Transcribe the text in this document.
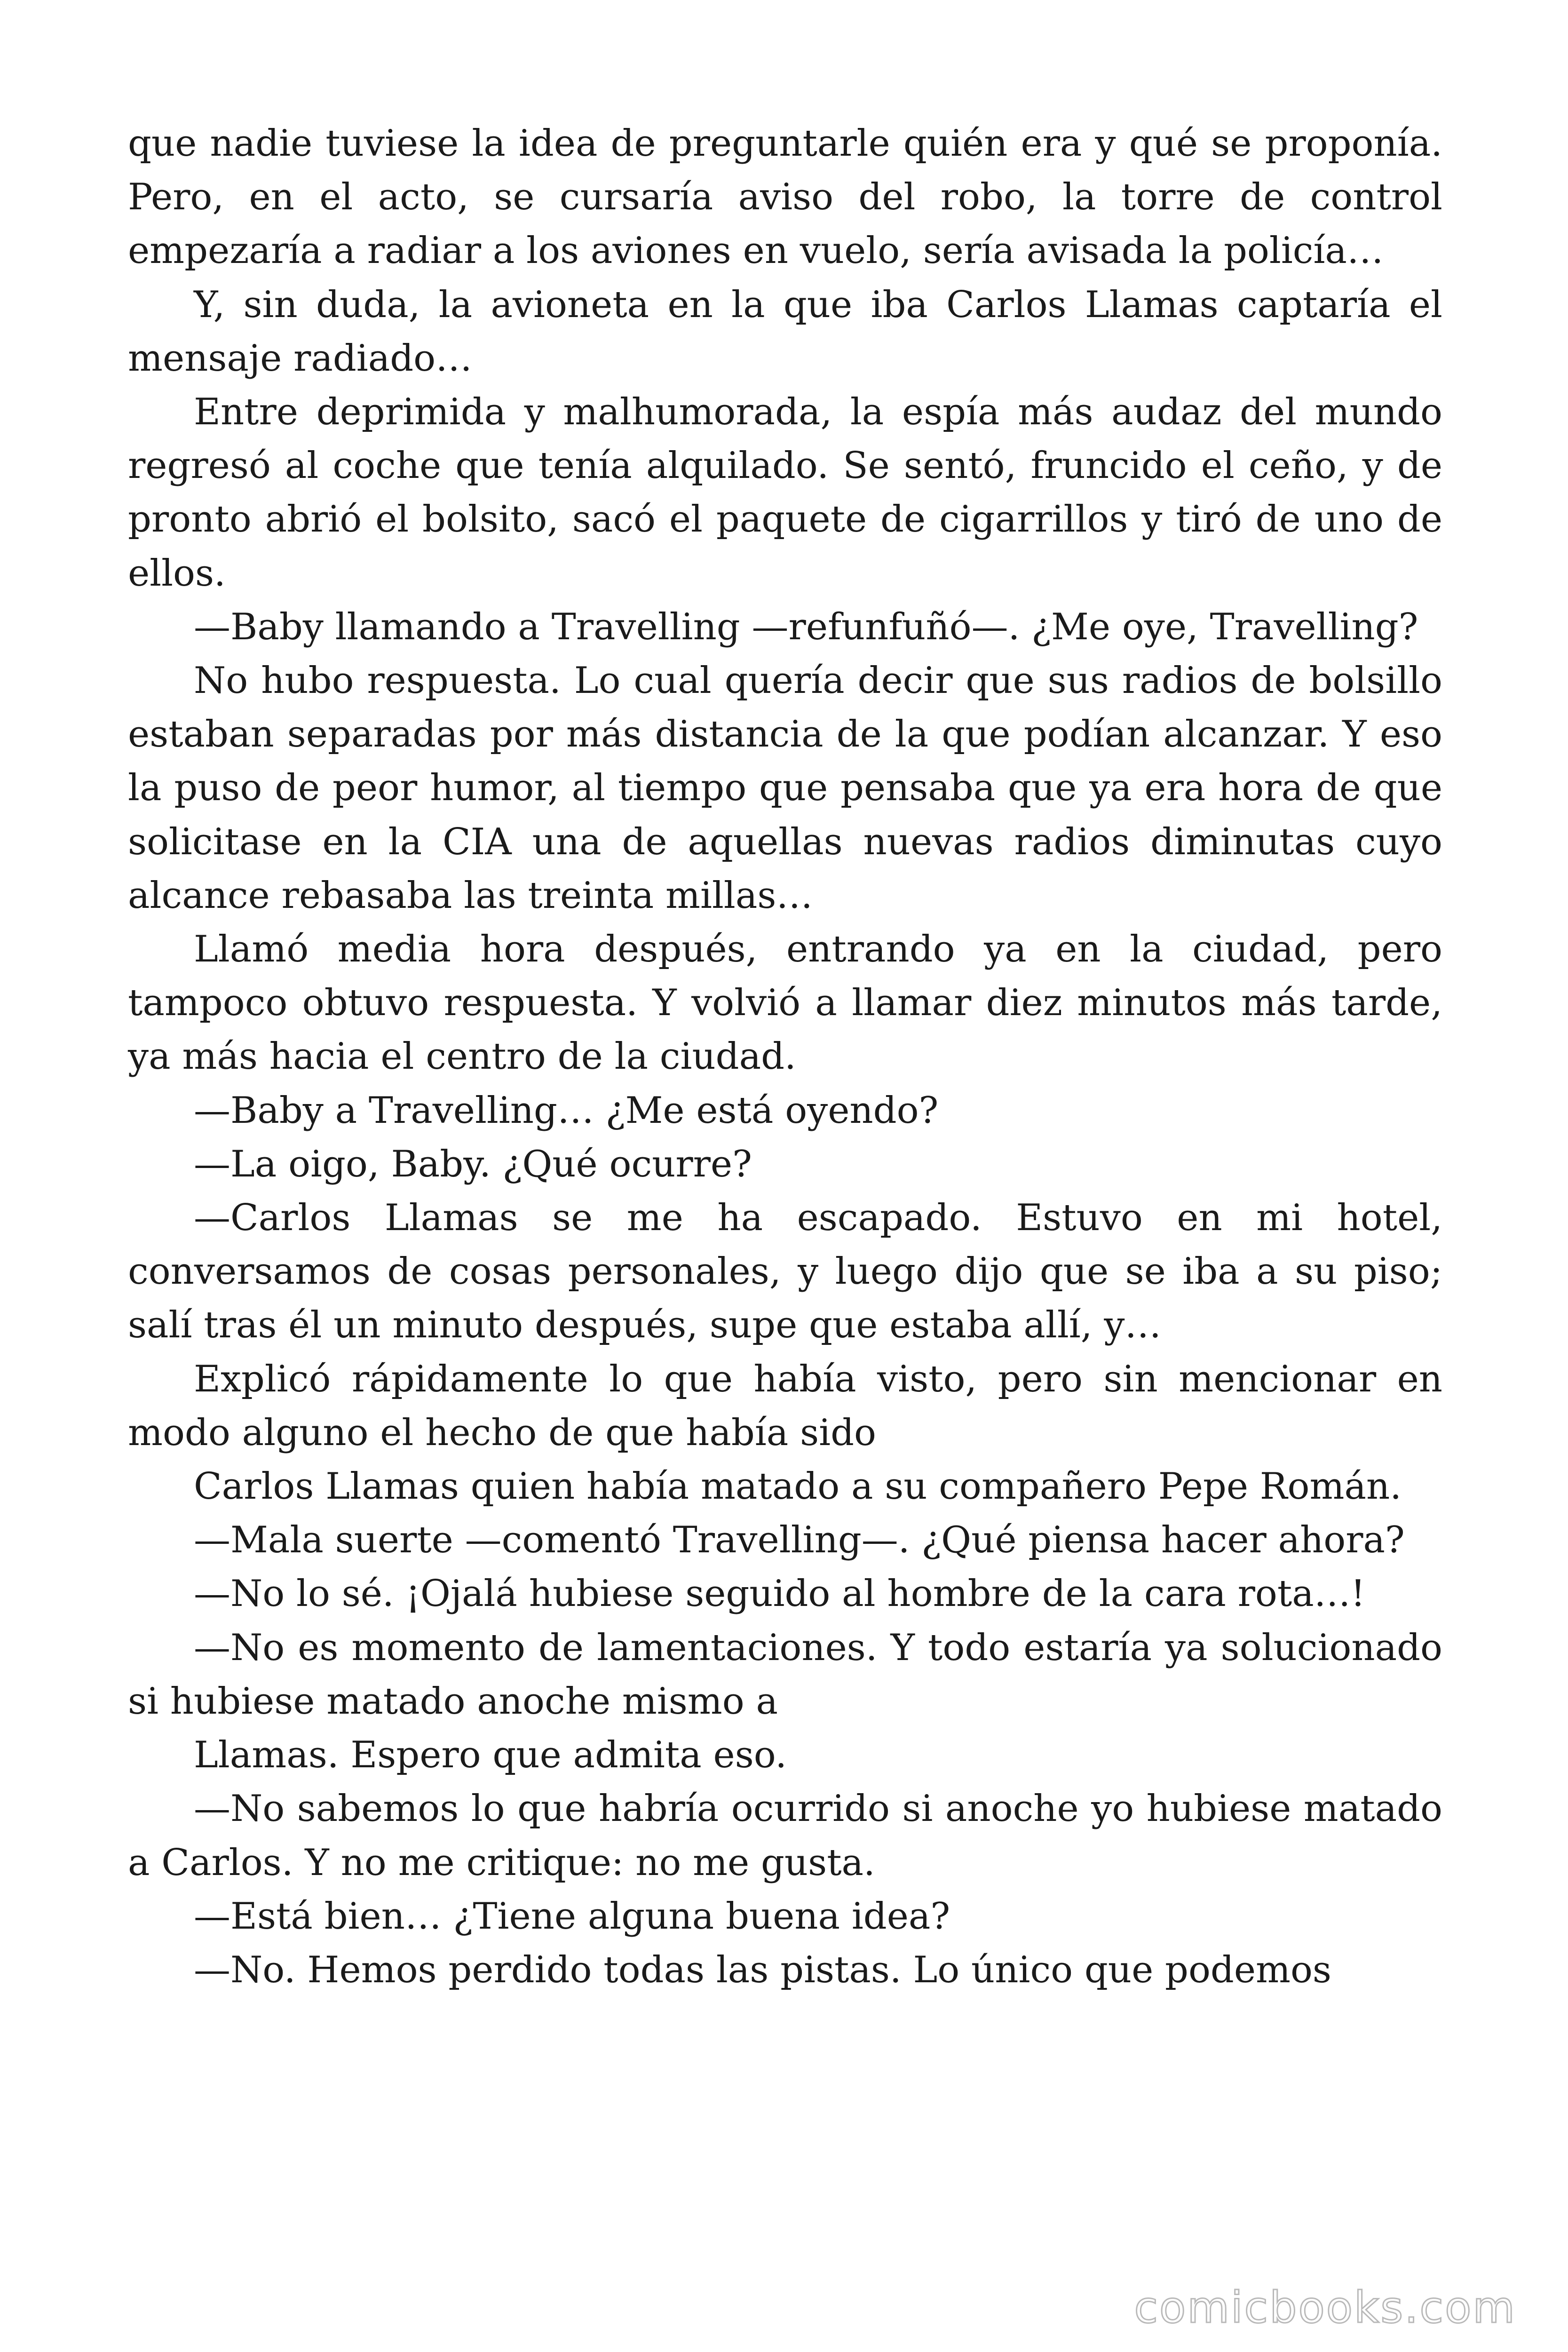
que nadie tuviese la idea de preguntarle quién era y qué se proponía. Pero, en el acto, se cursaría aviso del robo, la torre de control empezaría a radiar a los aviones en vuelo, sería avisada la policía…

Y, sin duda, la avioneta en la que iba Carlos Llamas captaría el mensaje radiado…

Entre deprimida y malhumorada, la espía más audaz del mundo regresó al coche que tenía alquilado. Se sentó, fruncido el ceño, y de pronto abrió el bolsito, sacó el paquete de cigarrillos y tiró de uno de ellos.

—Baby llamando a Travelling —refunfuñó—. ¿Me oye, Travelling?

No hubo respuesta. Lo cual quería decir que sus radios de bolsillo estaban separadas por más distancia de la que podían alcanzar. Y eso la puso de peor humor, al tiempo que pensaba que ya era hora de que solicitase en la CIA una de aquellas nuevas radios diminutas cuyo alcance rebasaba las treinta millas…

Llamó media hora después, entrando ya en la ciudad, pero tampoco obtuvo respuesta. Y volvió a llamar diez minutos más tarde, ya más hacia el centro de la ciudad.

—Baby a Travelling… ¿Me está oyendo?

—La oigo, Baby. ¿Qué ocurre?

—Carlos Llamas se me ha escapado. Estuvo en mi hotel, conversamos de cosas personales, y luego dijo que se iba a su piso; salí tras él un minuto después, supe que estaba allí, y…

Explicó rápidamente lo que había visto, pero sin mencionar en modo alguno el hecho de que había sido

Carlos Llamas quien había matado a su compañero Pepe Román.

—Mala suerte —comentó Travelling—. ¿Qué piensa hacer ahora?

—No lo sé. ¡Ojalá hubiese seguido al hombre de la cara rota…!

—No es momento de lamentaciones. Y todo estaría ya solucionado si hubiese matado anoche mismo a

Llamas. Espero que admita eso.

—No sabemos lo que habría ocurrido si anoche yo hubiese matado a Carlos. Y no me critique: no me gusta.

—Está bien… ¿Tiene alguna buena idea?

—No. Hemos perdido todas las pistas. Lo único que podemos

comicbooks.com
